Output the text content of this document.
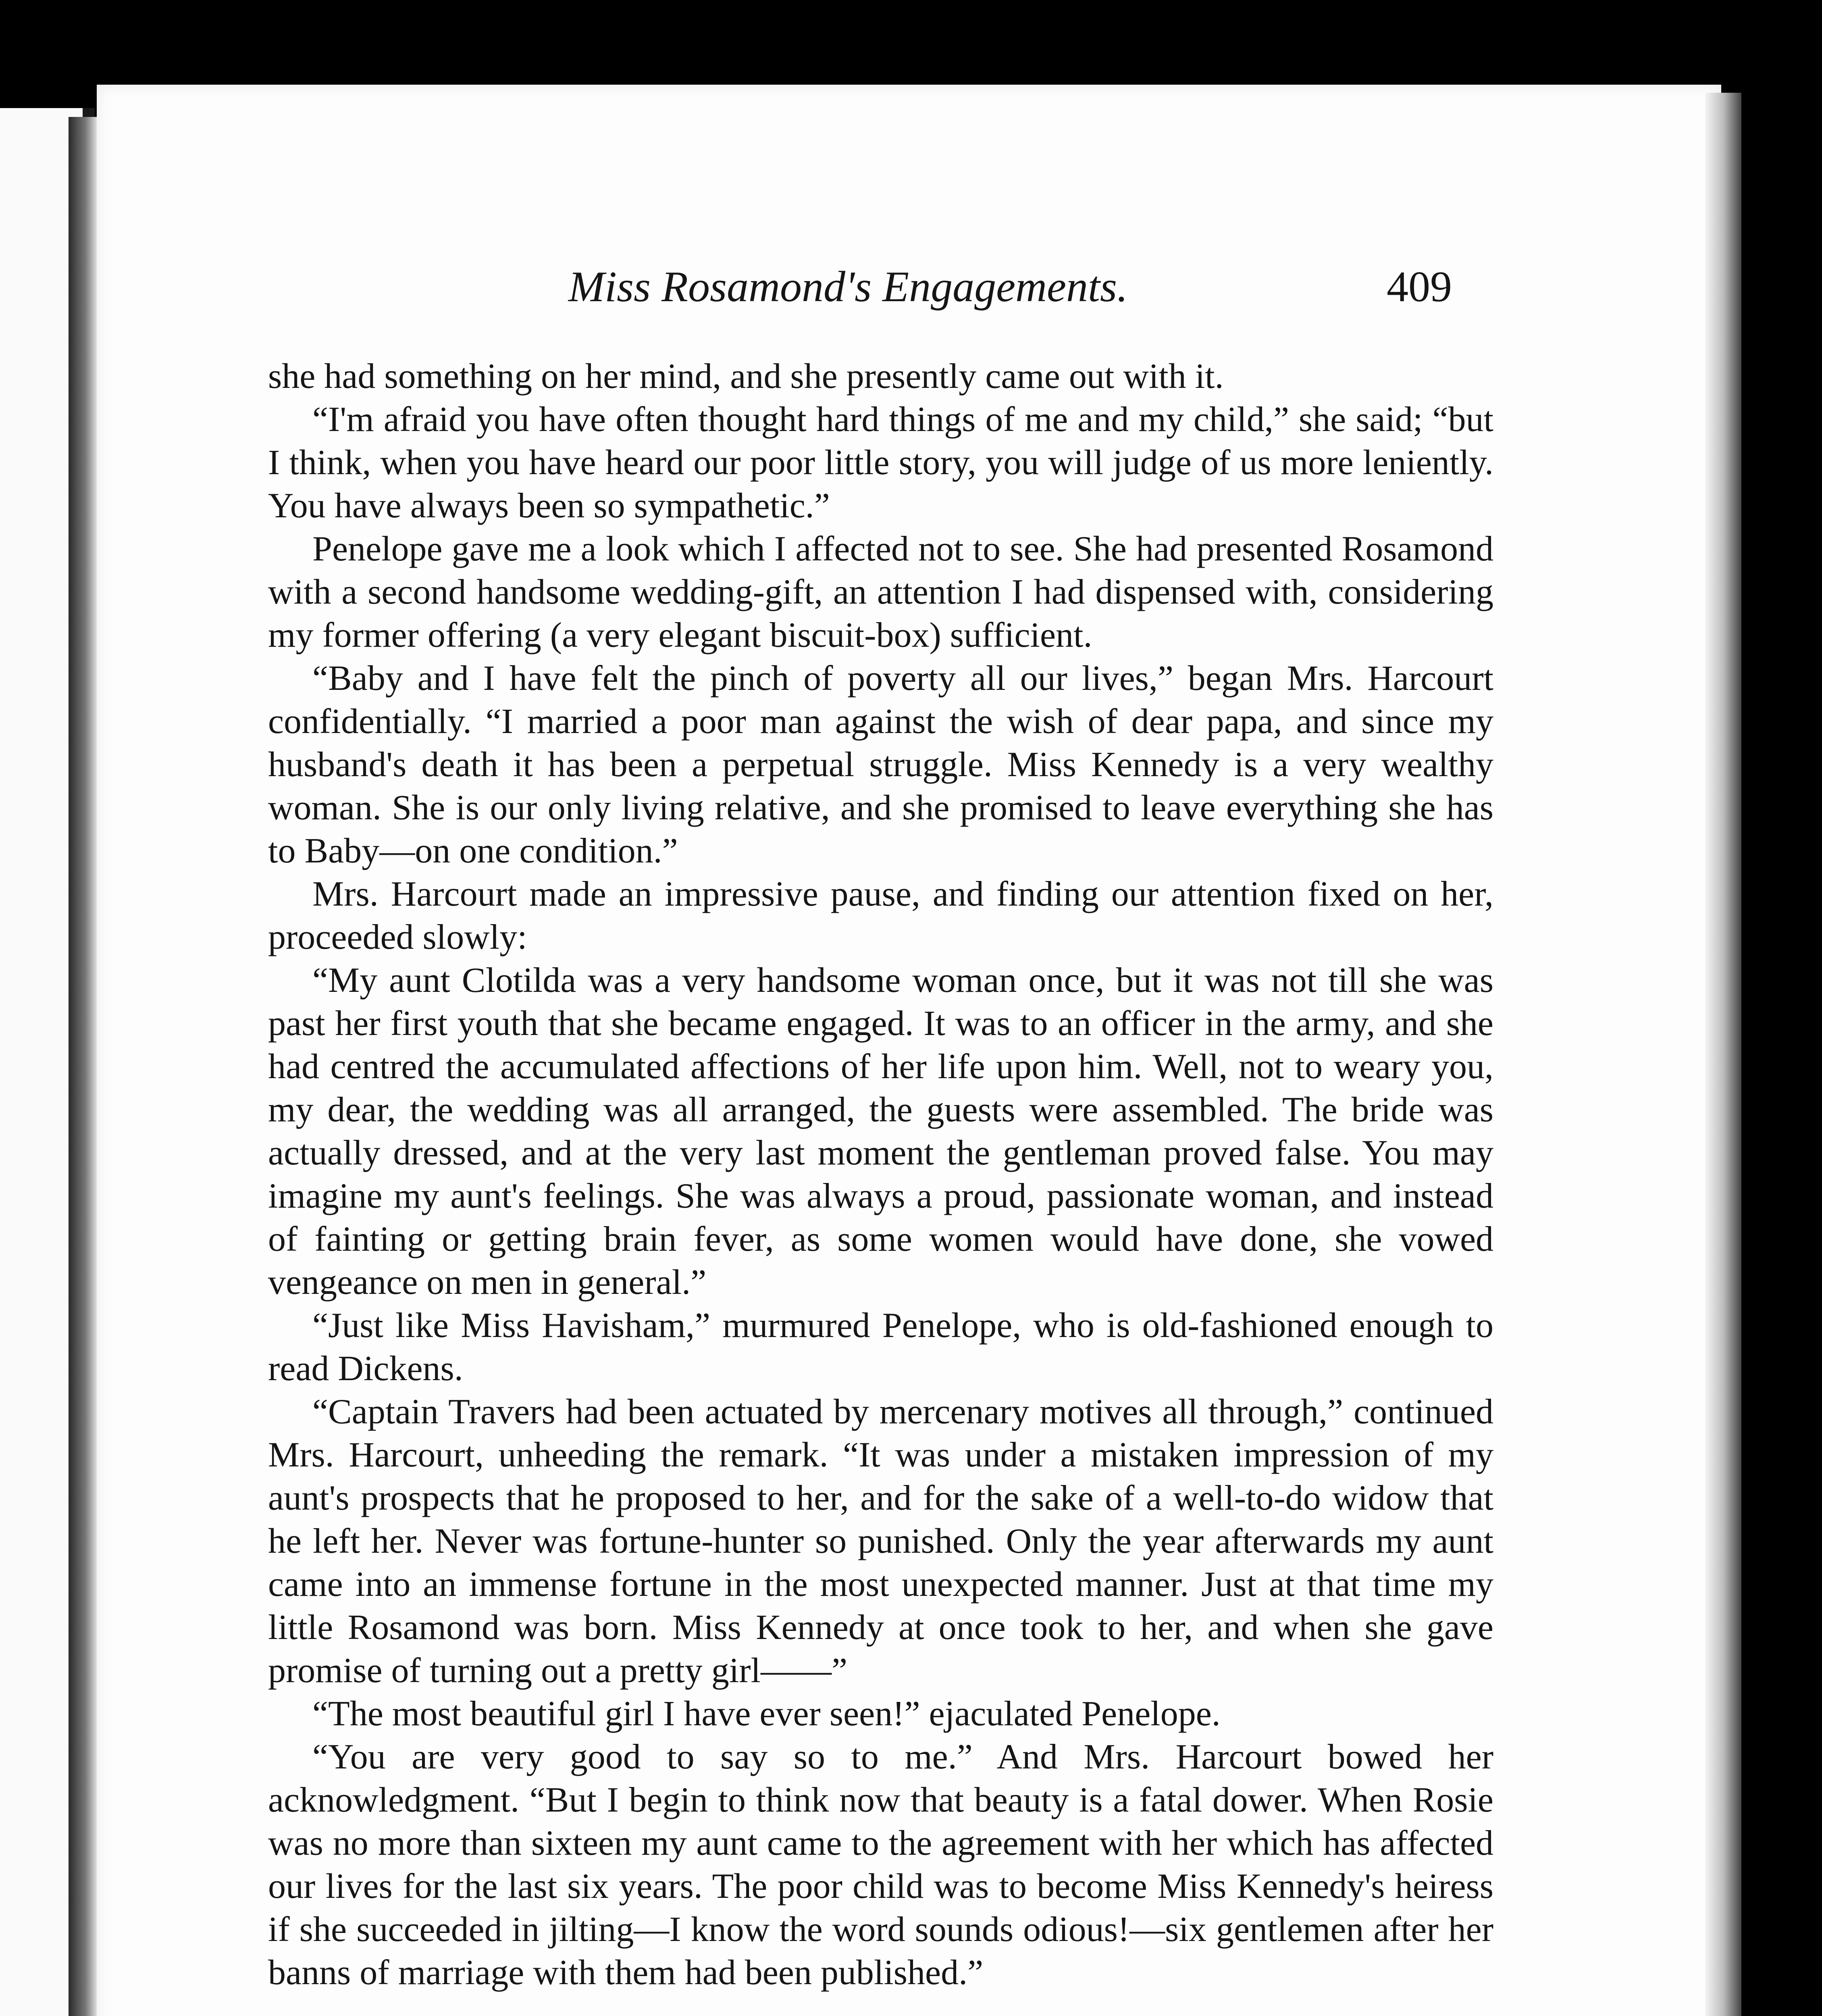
Miss Rosamond's Engagements.	409

she had something on her mind, and she presently came out with it.

“I'm afraid you have often thought hard things of me and my child,” she said; “but I think, when you have heard our poor little story, you will judge of us more leniently. You have always been so sympathetic.”

Penelope gave me a look which I affected not to see. She had presented Rosamond with a second handsome wedding-gift, an attention I had dispensed with, considering my former offering (a very elegant biscuit-box) sufficient.

“Baby and I have felt the pinch of poverty all our lives,” began Mrs. Harcourt confidentially. “I married a poor man against the wish of dear papa, and since my husband's death it has been a perpetual struggle. Miss Kennedy is a very wealthy woman. She is our only living relative, and she promised to leave everything she has to Baby—on one condition.”

Mrs. Harcourt made an impressive pause, and finding our attention fixed on her, proceeded slowly:

“My aunt Clotilda was a very handsome woman once, but it was not till she was past her first youth that she became engaged. It was to an officer in the army, and she had centred the accumulated affections of her life upon him. Well, not to weary you, my dear, the wedding was all arranged, the guests were assembled. The bride was actually dressed, and at the very last moment the gentleman proved false. You may imagine my aunt's feelings. She was always a proud, passionate woman, and instead of fainting or getting brain fever, as some women would have done, she vowed vengeance on men in general.”

“Just like Miss Havisham,” murmured Penelope, who is old-fashioned enough to read Dickens.

“Captain Travers had been actuated by mercenary motives all through,” continued Mrs. Harcourt, unheeding the remark. “It was under a mistaken impression of my aunt's prospects that he proposed to her, and for the sake of a well-to-do widow that he left her. Never was fortune-hunter so punished. Only the year afterwards my aunt came into an immense fortune in the most unexpected manner. Just at that time my little Rosamond was born. Miss Kennedy at once took to her, and when she gave promise of turning out a pretty girl——”

“The most beautiful girl I have ever seen!” ejaculated Penelope.

“You are very good to say so to me.” And Mrs. Harcourt bowed her acknowledgment. “But I begin to think now that beauty is a fatal dower. When Rosie was no more than sixteen my aunt came to the agreement with her which has affected our lives for the last six years. The poor child was to become Miss Kennedy's heiress if she succeeded in jilting—I know the word sounds odious!—six gentlemen after her banns of marriage with them had been published.”
